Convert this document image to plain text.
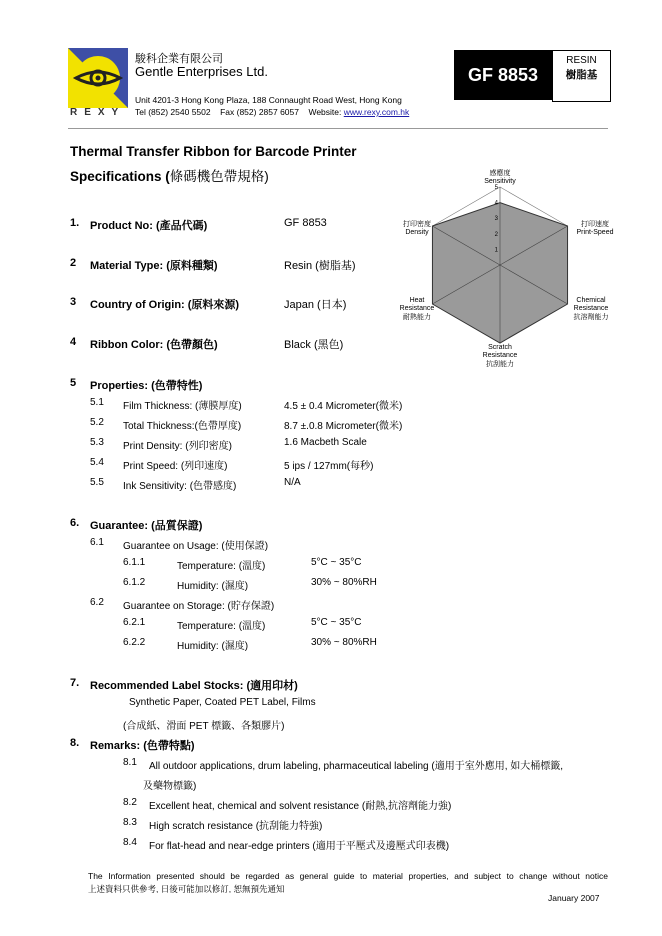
REXY
駿科企業有限公司
Gentle Enterprises Ltd.
Unit 4201-3 Hong Kong Plaza, 188 Connaught Road West, Hong Kong
Tel (852) 2540 5502 Fax (852) 2857 6057 Website: www.rexy.com.hk
GF 8853
RESIN
樹脂基
Thermal Transfer Ribbon for Barcode Printer
Specifications (條碼機色帶規格)
1. Product No: (產品代碼)	GF 8853
2 Material Type: (原料種類)	Resin (樹脂基)
3 Country of Origin: (原料來源)	Japan (日本)
4 Ribbon Color: (色帶顏色)	Black (黑色)
5
4
3
2
1
感應度
Sensitivity
打印速度
Print-Speed
Chemical
Resistance
抗溶劑能力
Scratch
Resistance
抗刮能力
Heat
Resistance
耐熱能力
打印密度
Density
5 Properties: (色帶特性)
5.1 Film Thickness: (薄膜厚度)	4.5 ± 0.4 Micrometer(微米)
5.2 Total Thickness:(色帶厚度)	8.7 ±.0.8 Micrometer(微米)
5.3 Print Density: (列印密度)	1.6 Macbeth Scale
5.4 Print Speed: (列印速度)	5 ips / 127mm(每秒)
5.5 Ink Sensitivity: (色帶感度)	N/A
6. Guarantee: (品質保證)
6.1 Guarantee on Usage: (使用保證)
6.1.1	Temperature: (溫度)	5°C ~ 35°C
6.1.2	Humidity: (濕度)	30% ~ 80%RH
6.2 Guarantee on Storage: (貯存保證)
6.2.1	Temperature: (溫度)	5°C ~ 35°C
6.2.2	Humidity: (濕度)	30% ~ 80%RH
7. Recommended Label Stocks: (適用印材)
Synthetic Paper, Coated PET Label, Films
(合成紙、滑面 PET 標籤、各類膠片)
8. Remarks: (色帶特點)
8.1 All outdoor applications, drum labeling, pharmaceutical labeling (適用于室外應用, 如大桶標籤,
及藥物標籤)
8.2 Excellent heat, chemical and solvent resistance (耐熱,抗溶劑能力強)
8.3 High scratch resistance (抗刮能力特強)
8.4 For flat-head and near-edge printers (適用于平壓式及邊壓式印表機)
The Information presented should be regarded as general guide to material properties, and subject to change without notice
上述資料只供參考, 日後可能加以修訂, 恕無預先通知
January 2007
